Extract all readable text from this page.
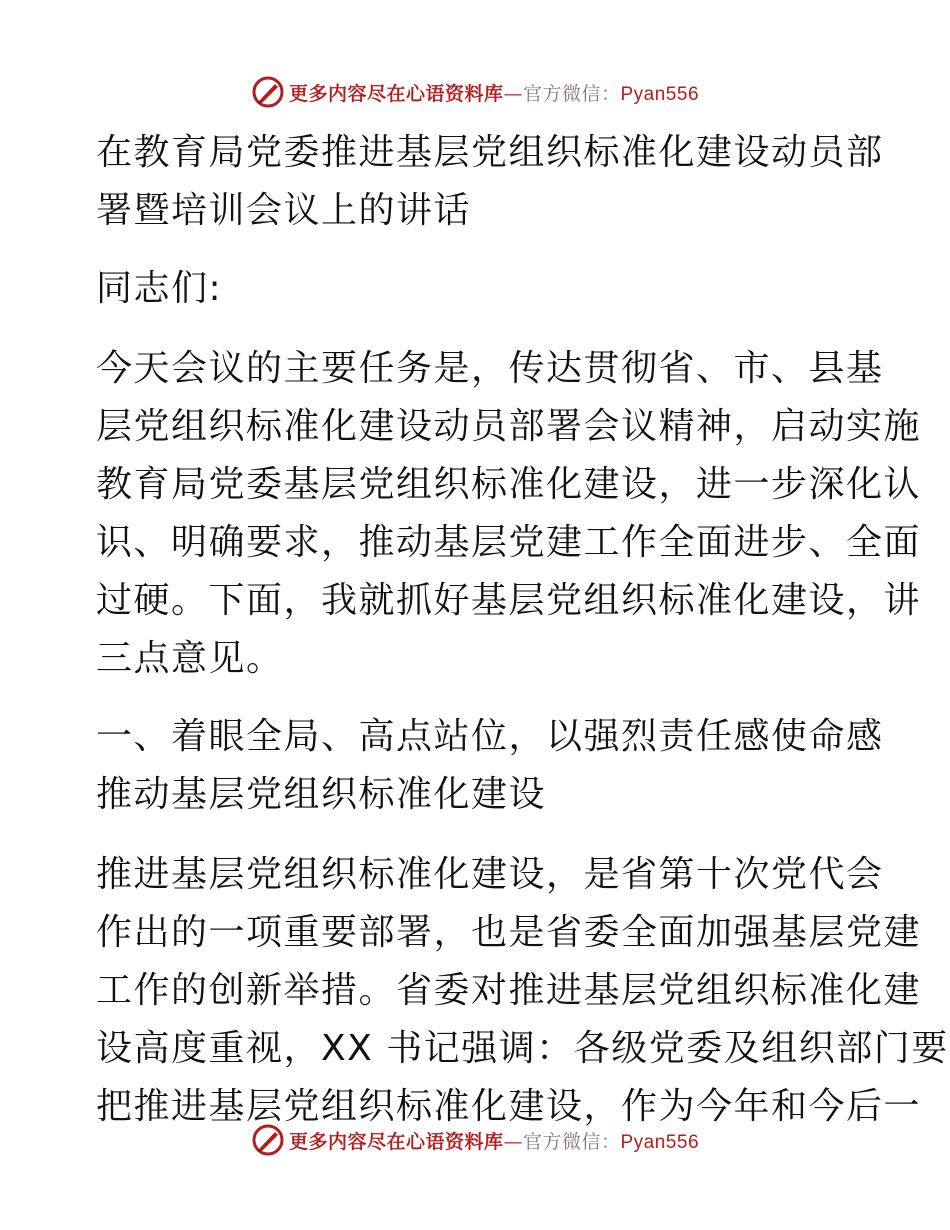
更多内容尽在心语资料库—官方微信：Pyan556
在教育局党委推进基层党组织标准化建设动员部
署暨培训会议上的讲话
同志们:
今天会议的主要任务是，传达贯彻省、市、县基
层党组织标准化建设动员部署会议精神，启动实施
教育局党委基层党组织标准化建设，进一步深化认
识、明确要求，推动基层党建工作全面进步、全面
过硬。下面，我就抓好基层党组织标准化建设，讲
三点意见。
一、着眼全局、高点站位，以强烈责任感使命感
推动基层党组织标准化建设
推进基层党组织标准化建设，是省第十次党代会
作出的一项重要部署，也是省委全面加强基层党建
工作的创新举措。省委对推进基层党组织标准化建
设高度重视，XX 书记强调：各级党委及组织部门要
把推进基层党组织标准化建设，作为今年和今后一
更多内容尽在心语资料库—官方微信：Pyan556
